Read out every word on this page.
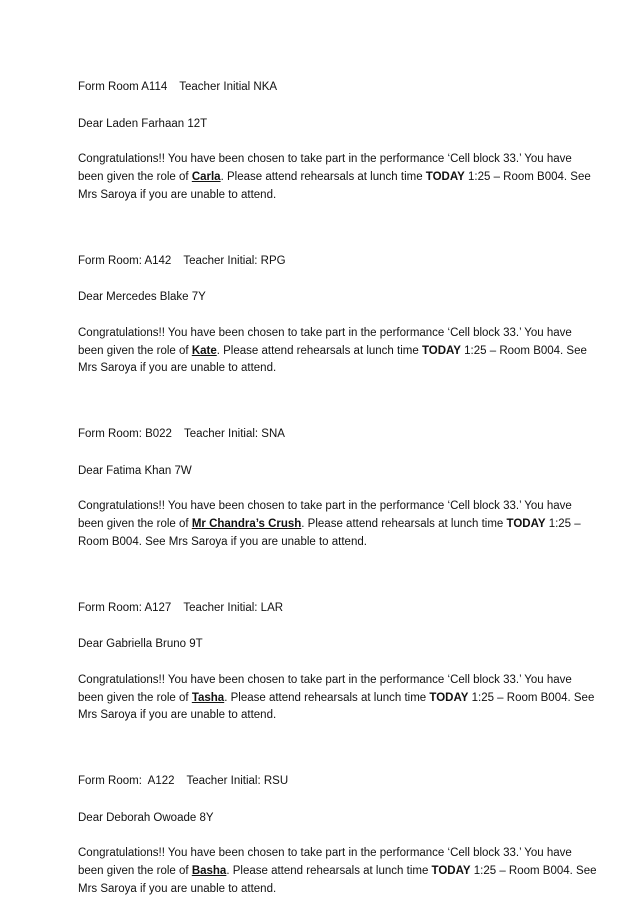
Form Room A114 Teacher Initial NKA

Dear Laden Farhaan 12T

Congratulations!! You have been chosen to take part in the performance ‘Cell block 33.’ You have

been given the role of Carla. Please attend rehearsals at lunch time TODAY 1:25 – Room B004. See

Mrs Saroya if you are unable to attend.

Form Room: A142 Teacher Initial: RPG

Dear Mercedes Blake 7Y

Congratulations!! You have been chosen to take part in the performance ‘Cell block 33.’ You have

been given the role of Kate. Please attend rehearsals at lunch time TODAY 1:25 – Room B004. See

Mrs Saroya if you are unable to attend.

Form Room: B022 Teacher Initial: SNA

Dear Fatima Khan 7W

Congratulations!! You have been chosen to take part in the performance ‘Cell block 33.’ You have

been given the role of Mr Chandra’s Crush. Please attend rehearsals at lunch time TODAY 1:25 –

Room B004. See Mrs Saroya if you are unable to attend.

Form Room: A127 Teacher Initial: LAR

Dear Gabriella Bruno 9T

Congratulations!! You have been chosen to take part in the performance ‘Cell block 33.’ You have

been given the role of Tasha. Please attend rehearsals at lunch time TODAY 1:25 – Room B004. See

Mrs Saroya if you are unable to attend.

Form Room:  A122 Teacher Initial: RSU

Dear Deborah Owoade 8Y

Congratulations!! You have been chosen to take part in the performance ‘Cell block 33.’ You have

been given the role of Basha. Please attend rehearsals at lunch time TODAY 1:25 – Room B004. See

Mrs Saroya if you are unable to attend.
